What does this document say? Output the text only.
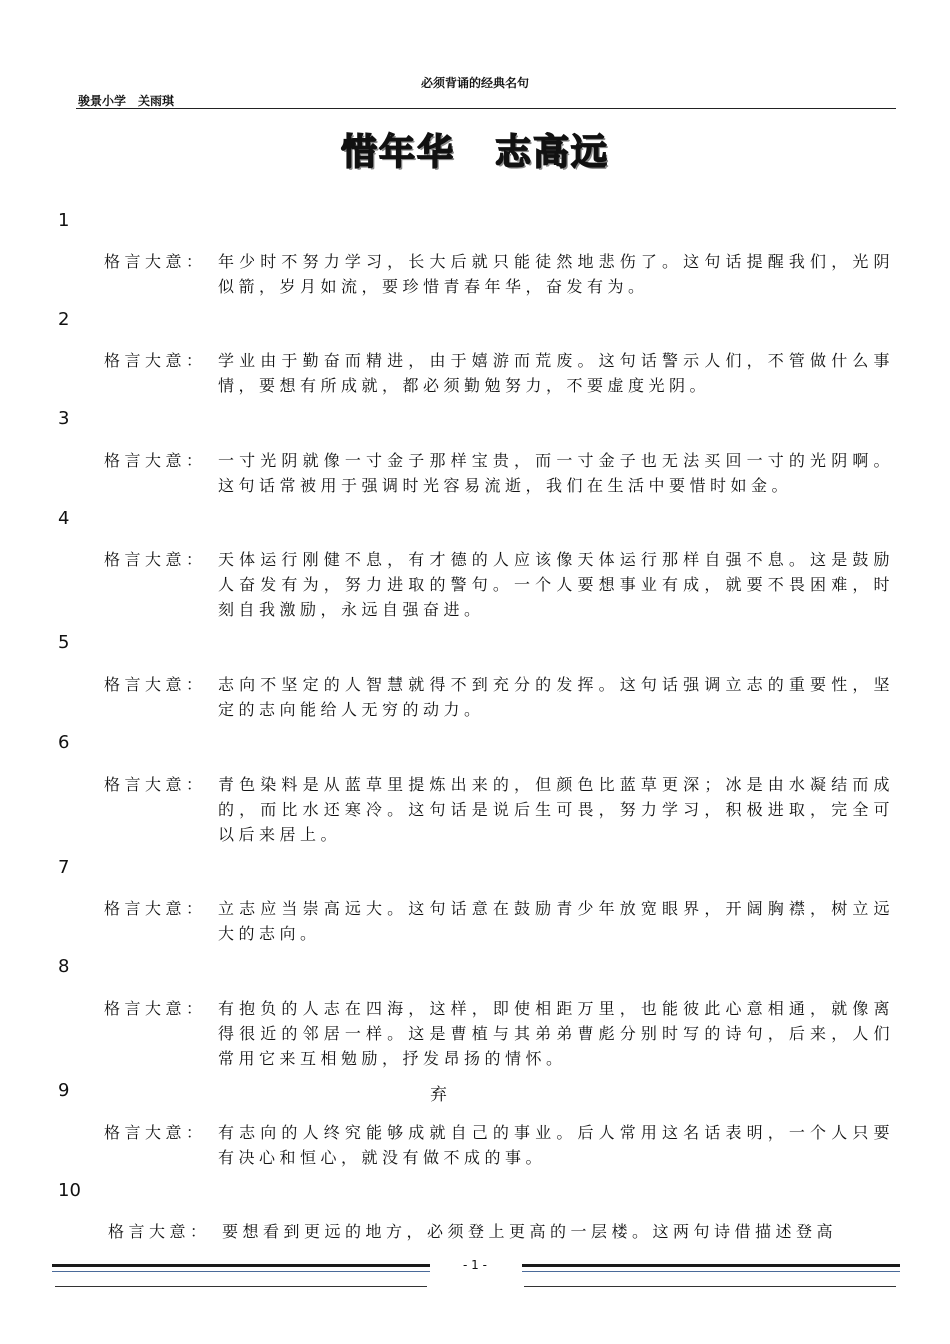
必须背诵的经典名句
骏景小学　关雨琪
惜年华 志高远
1
格言大意： 年少时不努力学习，长大后就只能徒然地悲伤了。这句话提醒我们，光阴似箭，岁月如流，要珍惜青春年华，奋发有为。
2
格言大意： 学业由于勤奋而精进，由于嬉游而荒废。这句话警示人们，不管做什么事情，要想有所成就，都必须勤勉努力，不要虚度光阴。
3
格言大意： 一寸光阴就像一寸金子那样宝贵，而一寸金子也无法买回一寸的光阴啊。这句话常被用于强调时光容易流逝，我们在生活中要惜时如金。
4
格言大意： 天体运行刚健不息，有才德的人应该像天体运行那样自强不息。这是鼓励人奋发有为，努力进取的警句。一个人要想事业有成，就要不畏困难，时刻自我激励，永远自强奋进。
5
格言大意： 志向不坚定的人智慧就得不到充分的发挥。这句话强调立志的重要性，坚定的志向能给人无穷的动力。
6
格言大意： 青色染料是从蓝草里提炼出来的，但颜色比蓝草更深；冰是由水凝结而成的，而比水还寒冷。这句话是说后生可畏，努力学习，积极进取，完全可以后来居上。
7
格言大意： 立志应当崇高远大。这句话意在鼓励青少年放宽眼界，开阔胸襟，树立远大的志向。
8
格言大意： 有抱负的人志在四海，这样，即使相距万里，也能彼此心意相通，就像离得很近的邻居一样。这是曹植与其弟弟曹彪分别时写的诗句，后来，人们常用它来互相勉励，抒发昂扬的情怀。
9	弃
格言大意： 有志向的人终究能够成就自己的事业。后人常用这名话表明，一个人只要有决心和恒心，就没有做不成的事。
10
格言大意： 要想看到更远的地方，必须登上更高的一层楼。这两句诗借描述登高
- 1 -
